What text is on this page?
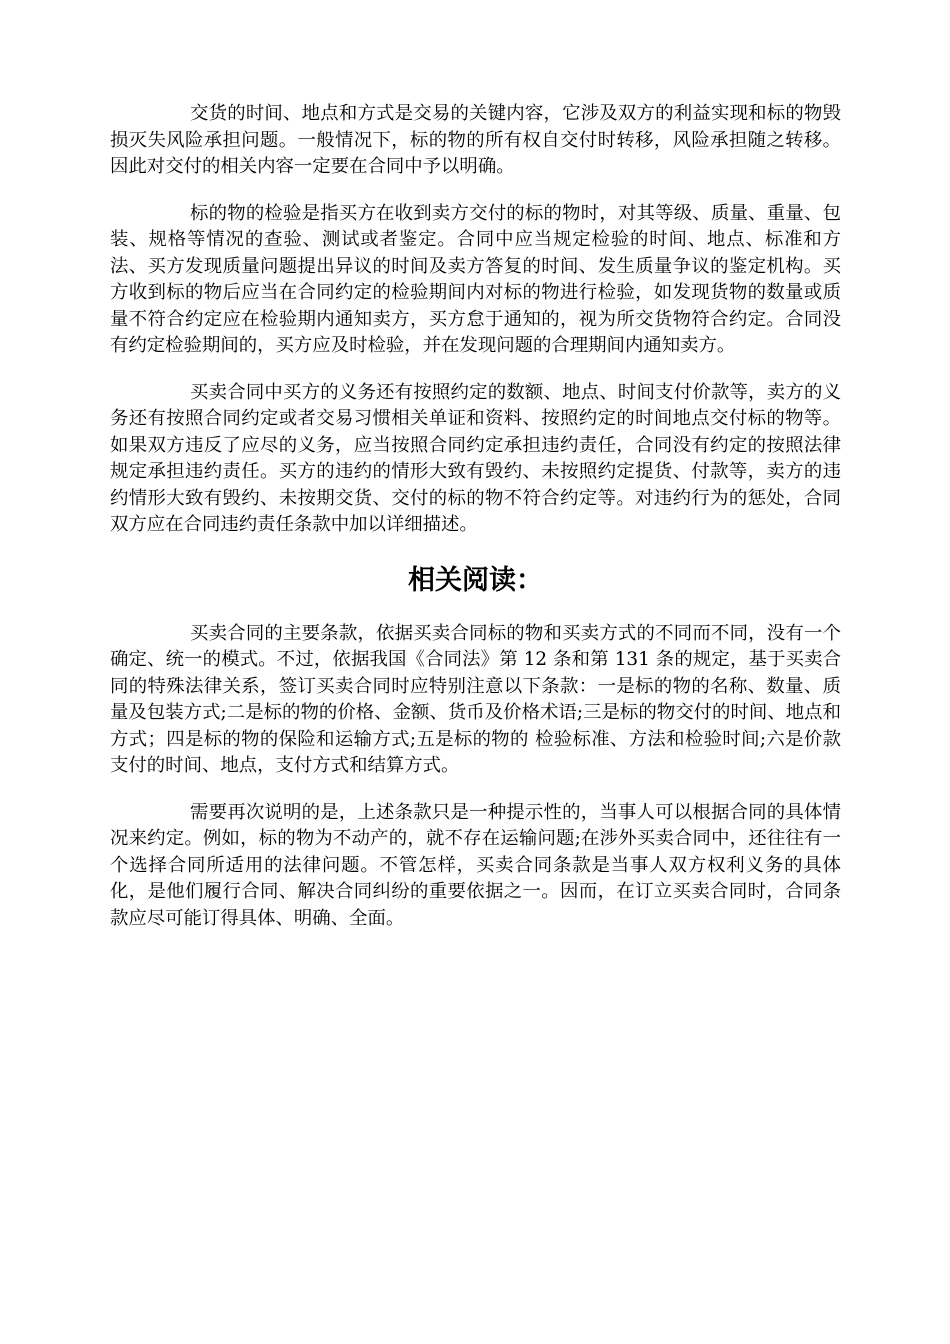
交货的时间、地点和方式是交易的关键内容，它涉及双方的利益实现和标的物毁损灭失风险承担问题。一般情况下，标的物的所有权自交付时转移，风险承担随之转移。因此对交付的相关内容一定要在合同中予以明确。

标的物的检验是指买方在收到卖方交付的标的物时，对其等级、质量、重量、包装、规格等情况的查验、测试或者鉴定。合同中应当规定检验的时间、地点、标准和方法、买方发现质量问题提出异议的时间及卖方答复的时间、发生质量争议的鉴定机构。买方收到标的物后应当在合同约定的检验期间内对标的物进行检验，如发现货物的数量或质量不符合约定应在检验期内通知卖方，买方怠于通知的，视为所交货物符合约定。合同没有约定检验期间的，买方应及时检验，并在发现问题的合理期间内通知卖方。

买卖合同中买方的义务还有按照约定的数额、地点、时间支付价款等，卖方的义务还有按照合同约定或者交易习惯相关单证和资料、按照约定的时间地点交付标的物等。如果双方违反了应尽的义务，应当按照合同约定承担违约责任，合同没有约定的按照法律规定承担违约责任。买方的违约的情形大致有毁约、未按照约定提货、付款等，卖方的违约情形大致有毁约、未按期交货、交付的标的物不符合约定等。对违约行为的惩处，合同双方应在合同违约责任条款中加以详细描述。

相关阅读：

买卖合同的主要条款，依据买卖合同标的物和买卖方式的不同而不同，没有一个确定、统一的模式。不过，依据我国《合同法》第 12 条和第 131 条的规定，基于买卖合同的特殊法律关系，签订买卖合同时应特别注意以下条款：一是标的物的名称、数量、质量及包装方式;二是标的物的价格、金额、货币及价格术语;三是标的物交付的时间、地点和方式；四是标的物的保险和运输方式;五是标的物的 检验标准、方法和检验时间;六是价款支付的时间、地点，支付方式和结算方式。

需要再次说明的是，上述条款只是一种提示性的，当事人可以根据合同的具体情况来约定。例如，标的物为不动产的，就不存在运输问题;在涉外买卖合同中，还往往有一个选择合同所适用的法律问题。不管怎样，买卖合同条款是当事人双方权利义务的具体化，是他们履行合同、解决合同纠纷的重要依据之一。因而，在订立买卖合同时，合同条款应尽可能订得具体、明确、全面。
